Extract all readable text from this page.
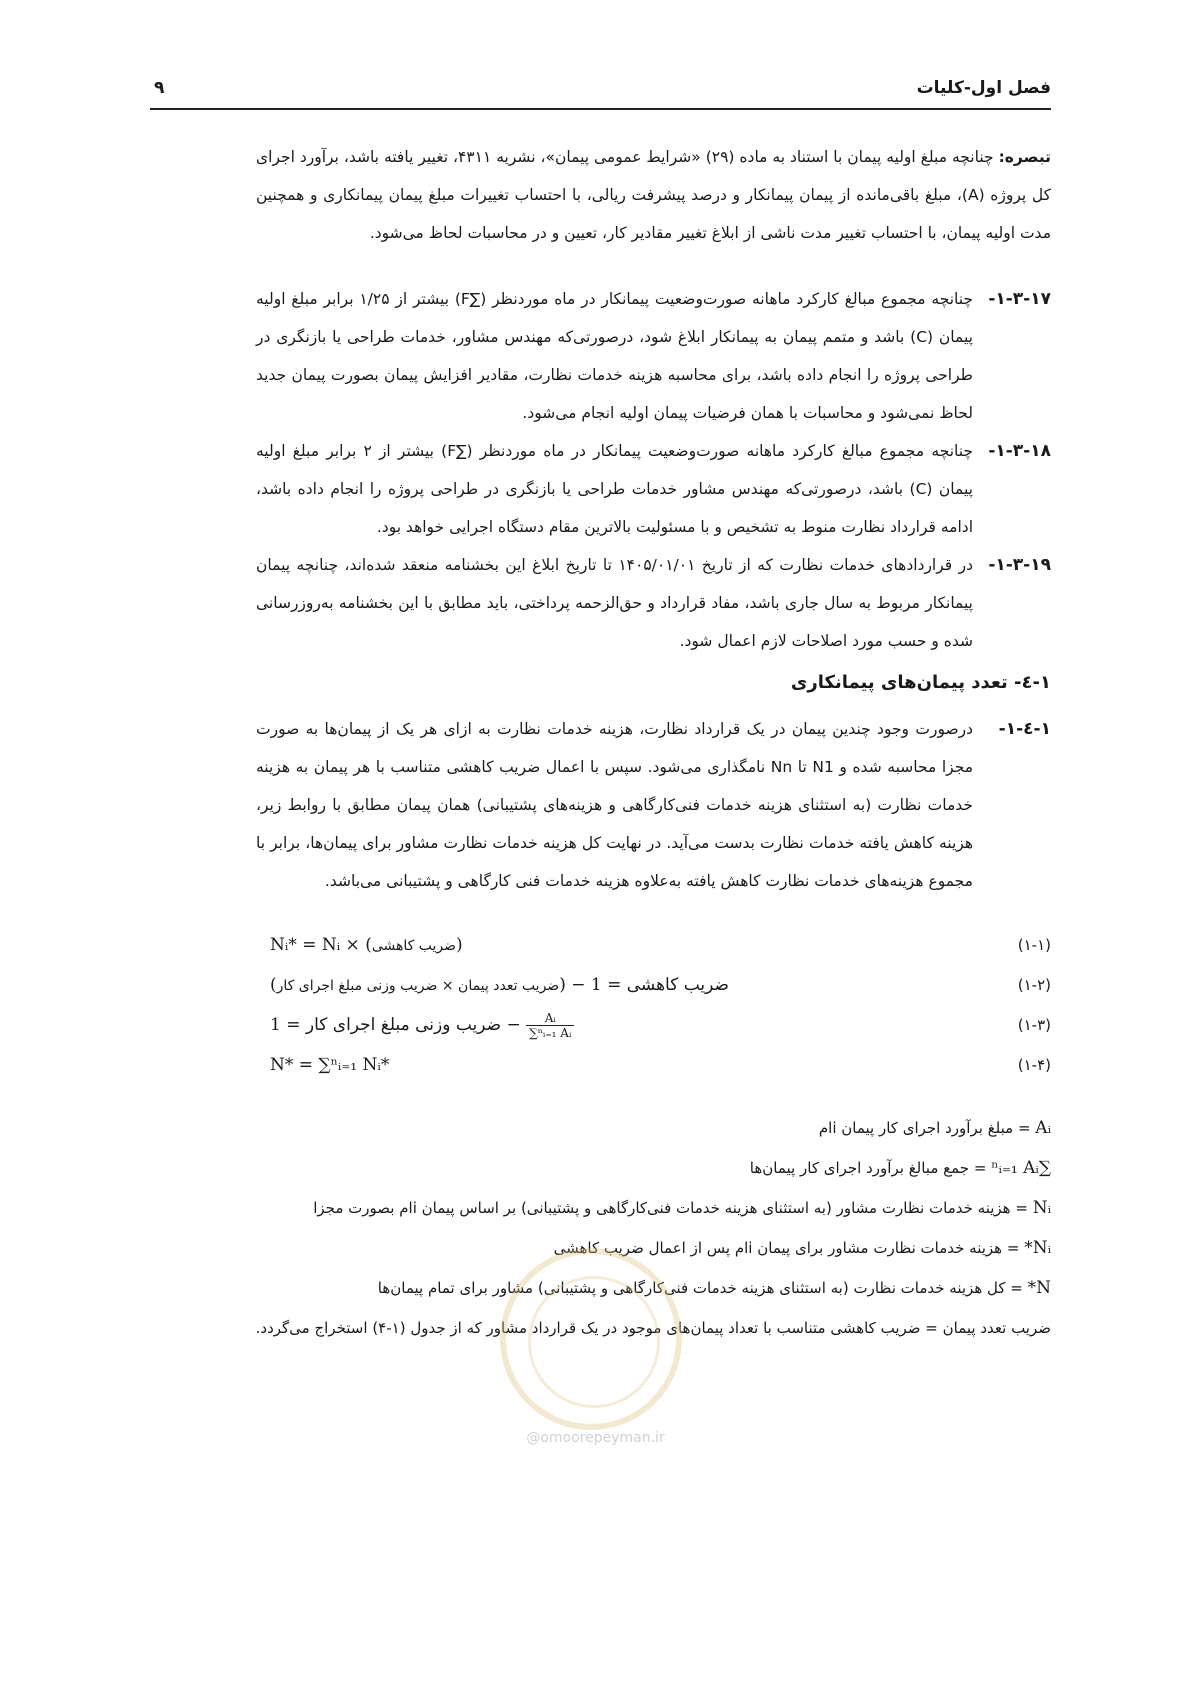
فصل اول-کلیات
۹

تبصره: چنانچه مبلغ اولیه پیمان با استناد به ماده (۲۹) «شرایط عمومی پیمان»، نشریه ۴۳۱۱، تغییر یافته باشد، برآورد اجرای کل پروژه (A)، مبلغ باقی‌مانده از پیمان پیمانکار و درصد پیشرفت ریالی، با احتساب تغییرات مبلغ پیمان پیمانکاری و همچنین مدت اولیه پیمان، با احتساب تغییر مدت ناشی از ابلاغ تغییر مقادیر کار، تعیین و در محاسبات لحاظ می‌شود.

۱-۳-۱۷-
چنانچه مجموع مبالغ کارکرد ماهانه صورت‌وضعیت پیمانکار در ماه موردنظر (∑F) بیشتر از ۱/۲۵ برابر مبلغ اولیه پیمان (C) باشد و متمم پیمان به پیمانکار ابلاغ شود، درصورتی‌که مهندس مشاور، خدمات طراحی یا بازنگری در طراحی پروژه را انجام داده باشد، برای محاسبه هزینه خدمات نظارت، مقادیر افزایش پیمان بصورت پیمان جدید لحاظ نمی‌شود و محاسبات با همان فرضیات پیمان اولیه انجام می‌شود.
۱-۳-۱۸-
چنانچه مجموع مبالغ کارکرد ماهانه صورت‌وضعیت پیمانکار در ماه موردنظر (∑F) بیشتر از ۲ برابر مبلغ اولیه پیمان (C) باشد، درصورتی‌که مهندس مشاور خدمات طراحی یا بازنگری در طراحی پروژه را انجام داده باشد، ادامه قرارداد نظارت منوط به تشخیص و با مسئولیت بالاترین مقام دستگاه اجرایی خواهد بود.
۱-۳-۱۹-
در قراردادهای خدمات نظارت که از تاریخ ۱۴۰۵/۰۱/۰۱ تا تاریخ ابلاغ این بخشنامه منعقد شده‌اند، چنانچه پیمان پیمانکار مربوط به سال جاری باشد، مفاد قرارداد و حق‌الزحمه پرداختی، باید مطابق با این بخشنامه به‌روزرسانی شده و حسب مورد اصلاحات لازم اعمال شود.
۱-٤- تعدد پیمان‌های پیمانکاری
۱-٤-۱-
درصورت وجود چندین پیمان در یک قرارداد نظارت، هزینه خدمات نظارت به ازای هر یک از پیمان‌ها به صورت مجزا محاسبه شده و N1 تا Nn نامگذاری می‌شود. سپس با اعمال ضریب کاهشی متناسب با هر پیمان به هزینه خدمات نظارت (به استثنای هزینه خدمات فنی‌کارگاهی و هزینه‌های پشتیبانی) همان پیمان مطابق با روابط زیر، هزینه کاهش یافته خدمات نظارت بدست می‌آید. در نهایت کل هزینه خدمات نظارت مشاور برای پیمان‌ها، برابر با مجموع هزینه‌های خدمات نظارت کاهش یافته به‌علاوه هزینه خدمات فنی کارگاهی و پشتیبانی می‌باشد.
Nᵢ* = Nᵢ × (ضریب کاهشی)	(۱-۱)
ضریب کاهشی = 1 − (ضریب تعدد پیمان × ضریب وزنی مبلغ اجرای کار)	(۱-۲)
ضریب وزنی مبلغ اجرای کار = $1 - \frac{\text{Aᵢ}}{\text{∑ⁿᵢ₌₁ Aᵢ}}$	(۱-۳)
N* = ∑ⁿᵢ₌₁ Nᵢ*	(۱-۴)
Aᵢ = مبلغ برآورد اجرای کار پیمان iام
∑ⁿᵢ₌₁ Aᵢ = جمع مبالغ برآورد اجرای کار پیمان‌ها
Nᵢ = هزینه خدمات نظارت مشاور (به استثنای هزینه خدمات فنی‌کارگاهی و پشتیبانی) بر اساس پیمان iام بصورت مجزا
Nᵢ* = هزینه خدمات نظارت مشاور برای پیمان iام پس از اعمال ضریب کاهشی
N* = کل هزینه خدمات نظارت (به استثنای هزینه خدمات فنی‌کارگاهی و پشتیبانی) مشاور برای تمام پیمان‌ها
ضریب تعدد پیمان = ضریب کاهشی متناسب با تعداد پیمان‌های موجود در یک قرارداد مشاور که از جدول (۱-۴) استخراج می‌گردد.
@omoorepeyman.ir
